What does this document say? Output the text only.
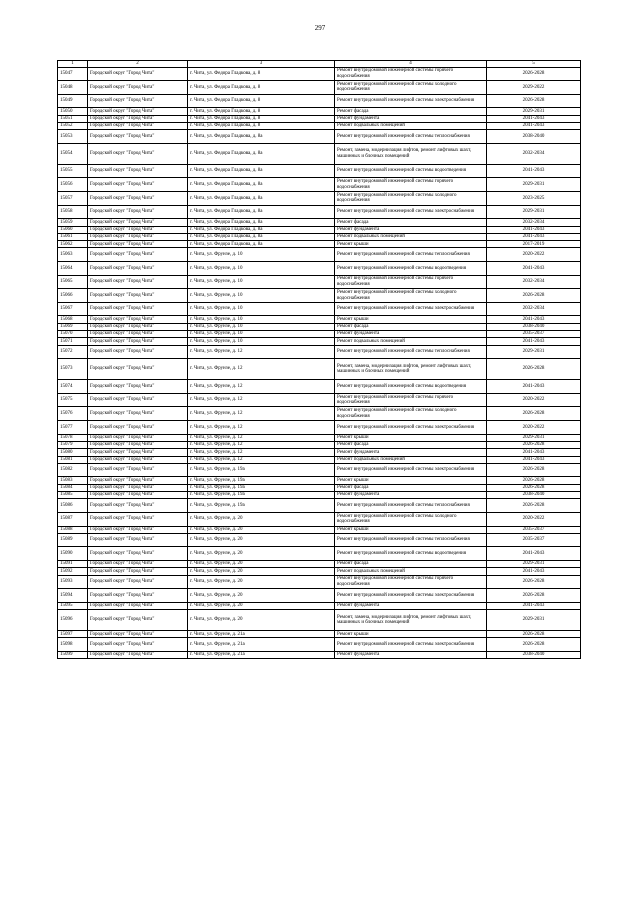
297
1	2	3	4	5
15047	Городской округ "Город Чита"	г. Чита, ул. Федора Гладкова, д. 8	Ремонт внутридомовой инженерной системы горячего водоснабжения	2026-2028
15048	Городской округ "Город Чита"	г. Чита, ул. Федора Гладкова, д. 8	Ремонт внутридомовой инженерной системы холодного водоснабжения	2029-2022
15049	Городской округ "Город Чита"	г. Чита, ул. Федора Гладкова, д. 8	Ремонт внутридомовой инженерной системы электроснабжения	2026-2028
15050	Городской округ "Город Чита"	г. Чита, ул. Федора Гладкова, д. 8	Ремонт фасада	2029-2031
15051	Городской округ "Город Чита"	г. Чита, ул. Федора Гладкова, д. 8	Ремонт фундамента	2041-2043
15052	Городской округ "Город Чита"	г. Чита, ул. Федора Гладкова, д. 8	Ремонт подвальных помещений	2041-2043
15053	Городской округ "Город Чита"	г. Чита, ул. Федора Гладкова, д. 8а	Ремонт внутридомовой инженерной системы теплоснабжения	2038-2040
15054	Городской округ "Город Чита"	г. Чита, ул. Федора Гладкова, д. 8а	Ремонт, замена, модернизация лифтов, ремонт лифтовых шахт, машинных и блочных помещений	2032-2034
15055	Городской округ "Город Чита"	г. Чита, ул. Федора Гладкова, д. 8а	Ремонт внутридомовой инженерной системы водоотведения	2041-2043
15056	Городской округ "Город Чита"	г. Чита, ул. Федора Гладкова, д. 8а	Ремонт внутридомовой инженерной системы горячего водоснабжения	2029-2031
15057	Городской округ "Город Чита"	г. Чита, ул. Федора Гладкова, д. 8а	Ремонт внутридомовой инженерной системы холодного водоснабжения	2023-2025
15058	Городской округ "Город Чита"	г. Чита, ул. Федора Гладкова, д. 8а	Ремонт внутридомовой инженерной системы электроснабжения	2029-2031
15059	Городской округ "Город Чита"	г. Чита, ул. Федора Гладкова, д. 8а	Ремонт фасада	2032-2034
15060	Городской округ "Город Чита"	г. Чита, ул. Федора Гладкова, д. 8а	Ремонт фундамента	2041-2043
15061	Городской округ "Город Чита"	г. Чита, ул. Федора Гладкова, д. 8а	Ремонт подвальных помещений	2041-2043
15062	Городской округ "Город Чита"	г. Чита, ул. Федора Гладкова, д. 8а	Ремонт крыши	2017-2019
15063	Городской округ "Город Чита"	г. Чита, ул. Фрунзе, д. 10	Ремонт внутридомовой инженерной системы теплоснабжения	2020-2022
15064	Городской округ "Город Чита"	г. Чита, ул. Фрунзе, д. 10	Ремонт внутридомовой инженерной системы водоотведения	2041-2043
15065	Городской округ "Город Чита"	г. Чита, ул. Фрунзе, д. 10	Ремонт внутридомовой инженерной системы горячего водоснабжения	2032-2034
15066	Городской округ "Город Чита"	г. Чита, ул. Фрунзе, д. 10	Ремонт внутридомовой инженерной системы холодного водоснабжения	2026-2028
15067	Городской округ "Город Чита"	г. Чита, ул. Фрунзе, д. 10	Ремонт внутридомовой инженерной системы электроснабжения	2032-2034
15068	Городской округ "Город Чита"	г. Чита, ул. Фрунзе, д. 10	Ремонт крыши	2041-2043
15069	Городской округ "Город Чита"	г. Чита, ул. Фрунзе, д. 10	Ремонт фасада	2038-2040
15070	Городской округ "Город Чита"	г. Чита, ул. Фрунзе, д. 10	Ремонт фундамента	2035-2037
15071	Городской округ "Город Чита"	г. Чита, ул. Фрунзе, д. 10	Ремонт подвальных помещений	2041-2043
15072	Городской округ "Город Чита"	г. Чита, ул. Фрунзе, д. 12	Ремонт внутридомовой инженерной системы теплоснабжения	2029-2031
15073	Городской округ "Город Чита"	г. Чита, ул. Фрунзе, д. 12	Ремонт, замена, модернизация лифтов, ремонт лифтовых шахт, машинных и блочных помещений	2026-2028
15074	Городской округ "Город Чита"	г. Чита, ул. Фрунзе, д. 12	Ремонт внутридомовой инженерной системы водоотведения	2041-2043
15075	Городской округ "Город Чита"	г. Чита, ул. Фрунзе, д. 12	Ремонт внутридомовой инженерной системы горячего водоснабжения	2020-2022
15076	Городской округ "Город Чита"	г. Чита, ул. Фрунзе, д. 12	Ремонт внутридомовой инженерной системы холодного водоснабжения	2026-2028
15077	Городской округ "Город Чита"	г. Чита, ул. Фрунзе, д. 12	Ремонт внутридомовой инженерной системы электроснабжения	2020-2022
15078	Городской округ "Город Чита"	г. Чита, ул. Фрунзе, д. 12	Ремонт крыши	2029-2031
15079	Городской округ "Город Чита"	г. Чита, ул. Фрунзе, д. 12	Ремонт фасада	2026-2028
15080	Городской округ "Город Чита"	г. Чита, ул. Фрунзе, д. 12	Ремонт фундамента	2041-2043
15081	Городской округ "Город Чита"	г. Чита, ул. Фрунзе, д. 12	Ремонт подвальных помещений	2041-2043
15082	Городской округ "Город Чита"	г. Чита, ул. Фрунзе, д. 19а	Ремонт внутридомовой инженерной системы электроснабжения	2026-2028
15083	Городской округ "Город Чита"	г. Чита, ул. Фрунзе, д. 19а	Ремонт крыши	2026-2028
15084	Городской округ "Город Чита"	г. Чита, ул. Фрунзе, д. 19а	Ремонт фасада	2026-2028
15085	Городской округ "Город Чита"	г. Чита, ул. Фрунзе, д. 19а	Ремонт фундамента	2038-2040
15086	Городской округ "Город Чита"	г. Чита, ул. Фрунзе, д. 19а	Ремонт внутридомовой инженерной системы теплоснабжения	2026-2028
15087	Городской округ "Город Чита"	г. Чита, ул. Фрунзе, д. 20	Ремонт внутридомовой инженерной системы холодного водоснабжения	2020-2022
15088	Городской округ "Город Чита"	г. Чита, ул. Фрунзе, д. 20	Ремонт крыши	2035-2037
15089	Городской округ "Город Чита"	г. Чита, ул. Фрунзе, д. 20	Ремонт внутридомовой инженерной системы теплоснабжения	2035-2037
15090	Городской округ "Город Чита"	г. Чита, ул. Фрунзе, д. 20	Ремонт внутридомовой инженерной системы водоотведения	2041-2043
15091	Городской округ "Город Чита"	г. Чита, ул. Фрунзе, д. 20	Ремонт фасада	2029-2031
15092	Городской округ "Город Чита"	г. Чита, ул. Фрунзе, д. 20	Ремонт подвальных помещений	2041-2043
15093	Городской округ "Город Чита"	г. Чита, ул. Фрунзе, д. 20	Ремонт внутридомовой инженерной системы горячего водоснабжения	2026-2028
15094	Городской округ "Город Чита"	г. Чита, ул. Фрунзе, д. 20	Ремонт внутридомовой инженерной системы электроснабжения	2026-2028
15095	Городской округ "Город Чита"	г. Чита, ул. Фрунзе, д. 20	Ремонт фундамента	2041-2043
15096	Городской округ "Город Чита"	г. Чита, ул. Фрунзе, д. 20	Ремонт, замена, модернизация лифтов, ремонт лифтовых шахт, машинных и блочных помещений	2029-2031
15097	Городской округ "Город Чита"	г. Чита, ул. Фрунзе, д. 21а	Ремонт крыши	2026-2028
15098	Городской округ "Город Чита"	г. Чита, ул. Фрунзе, д. 21а	Ремонт внутридомовой инженерной системы электроснабжения	2026-2028
15099	Городской округ "Город Чита"	г. Чита, ул. Фрунзе, д. 21а	Ремонт фундамента	2038-2040
